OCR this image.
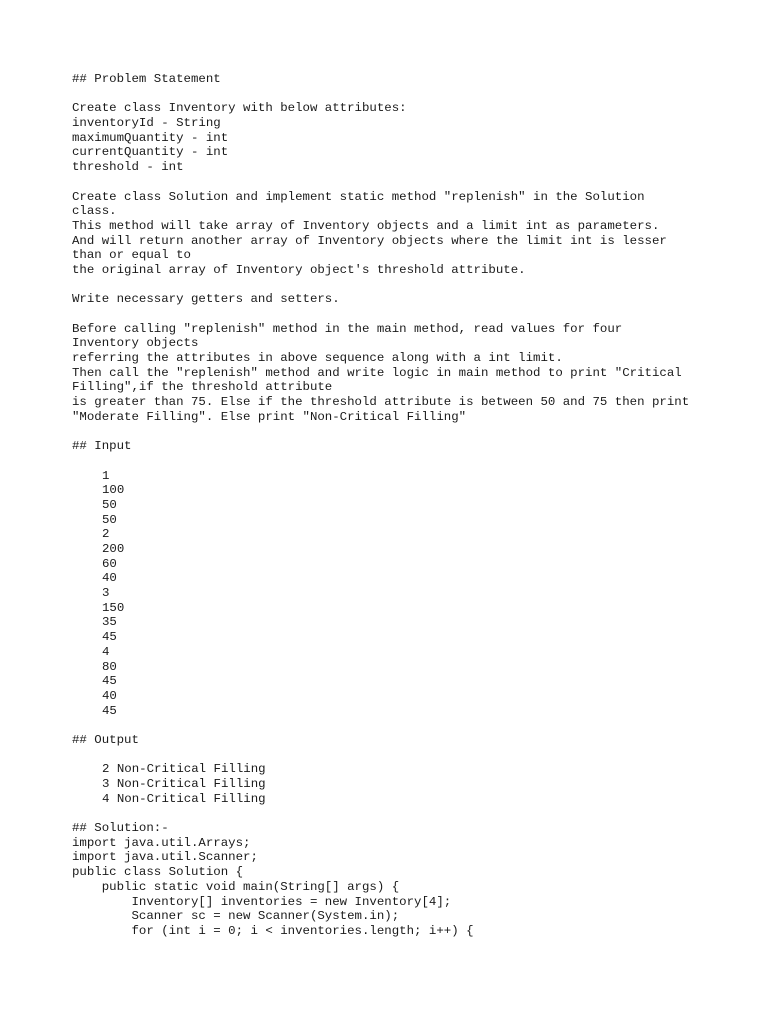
## Problem Statement
Create class Inventory with below attributes:
inventoryId - String
maximumQuantity - int
currentQuantity - int
threshold - int
Create class Solution and implement static method "replenish" in the Solution
class.
This method will take array of Inventory objects and a limit int as parameters.
And will return another array of Inventory objects where the limit int is lesser
than or equal to
the original array of Inventory object's threshold attribute.
Write necessary getters and setters.
Before calling "replenish" method in the main method, read values for four
Inventory objects
referring the attributes in above sequence along with a int limit.
Then call the "replenish" method and write logic in main method to print "Critical
Filling",if the threshold attribute
is greater than 75. Else if the threshold attribute is between 50 and 75 then print
"Moderate Filling". Else print "Non-Critical Filling"
## Input
1
100
50
50
2
200
60
40
3
150
35
45
4
80
45
40
45
## Output
2 Non-Critical Filling
3 Non-Critical Filling
4 Non-Critical Filling
## Solution:-
import java.util.Arrays;
import java.util.Scanner;
public class Solution {
public static void main(String[] args) {
Inventory[] inventories = new Inventory[4];
Scanner sc = new Scanner(System.in);
for (int i = 0; i < inventories.length; i++) {
